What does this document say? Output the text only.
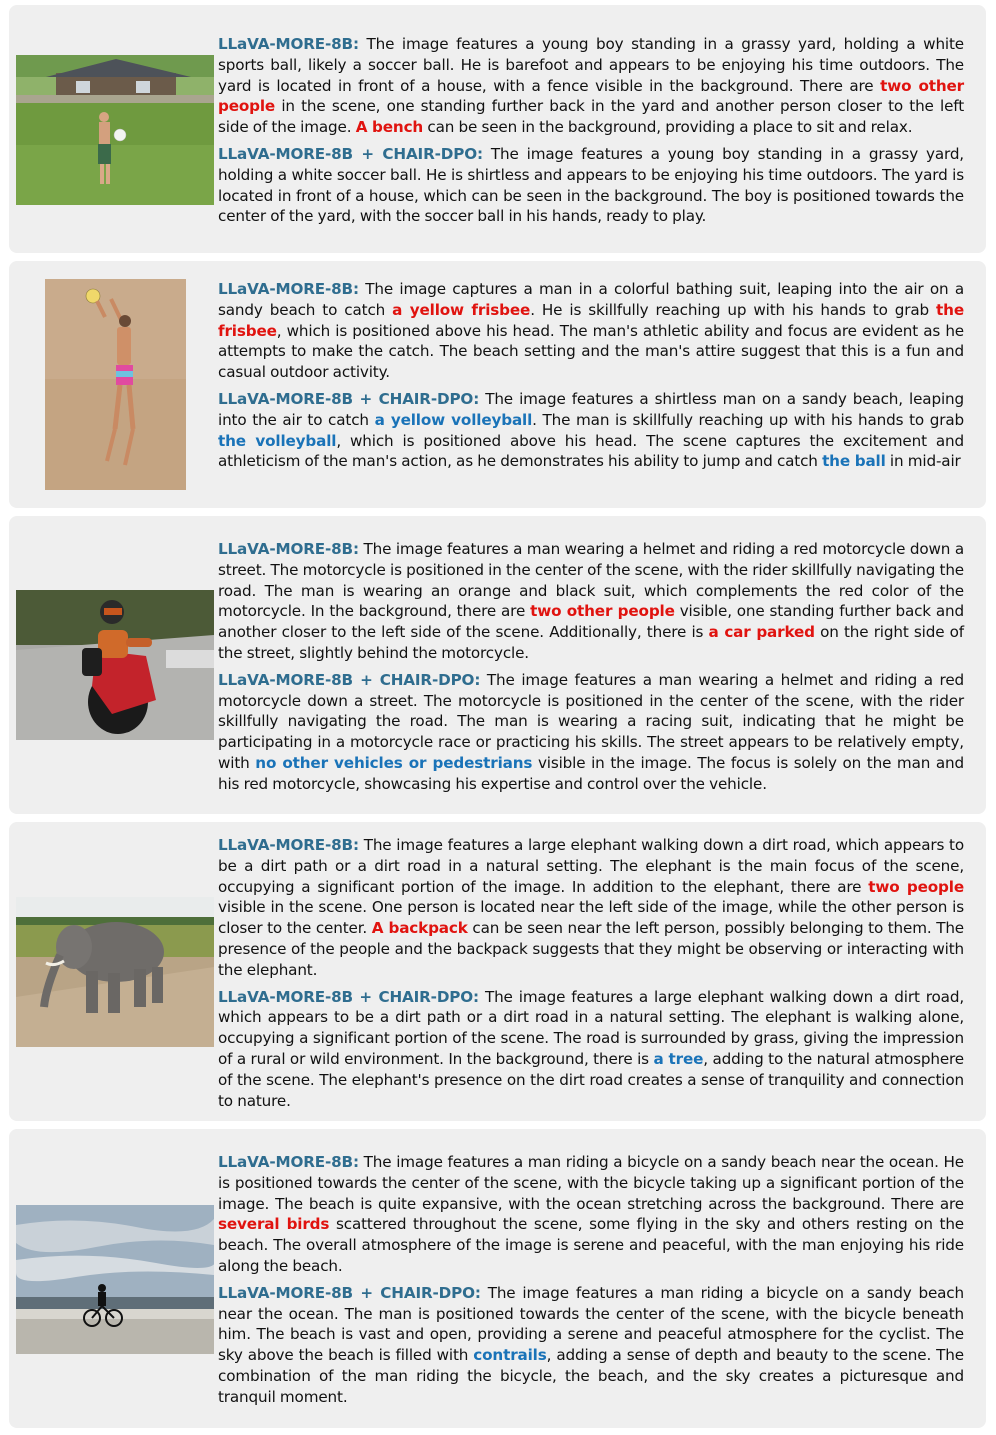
LLaVA-MORE-8B: The image features a young boy standing in a grassy yard, holding a white sports ball, likely a soccer ball. He is barefoot and appears to be enjoying his time outdoors. The yard is located in front of a house, with a fence visible in the background. There are two other people in the scene, one standing further back in the yard and another person closer to the left side of the image. A bench can be seen in the background, providing a place to sit and relax.

LLaVA-MORE-8B + CHAIR-DPO: The image features a young boy standing in a grassy yard, holding a white soccer ball. He is shirtless and appears to be enjoying his time outdoors. The yard is located in front of a house, which can be seen in the background. The boy is positioned towards the center of the yard, with the soccer ball in his hands, ready to play.

LLaVA-MORE-8B: The image captures a man in a colorful bathing suit, leaping into the air on a sandy beach to catch a yellow frisbee. He is skillfully reaching up with his hands to grab the frisbee, which is positioned above his head. The man's athletic ability and focus are evident as he attempts to make the catch. The beach setting and the man's attire suggest that this is a fun and casual outdoor activity.

LLaVA-MORE-8B + CHAIR-DPO: The image features a shirtless man on a sandy beach, leaping into the air to catch a yellow volleyball. The man is skillfully reaching up with his hands to grab the volleyball, which is positioned above his head. The scene captures the excitement and athleticism of the man's action, as he demonstrates his ability to jump and catch the ball in mid-air

LLaVA-MORE-8B: The image features a man wearing a helmet and riding a red motorcycle down a street. The motorcycle is positioned in the center of the scene, with the rider skillfully navigating the road. The man is wearing an orange and black suit, which complements the red color of the motorcycle. In the background, there are two other people visible, one standing further back and another closer to the left side of the scene. Additionally, there is a car parked on the right side of the street, slightly behind the motorcycle.

LLaVA-MORE-8B + CHAIR-DPO: The image features a man wearing a helmet and riding a red motorcycle down a street. The motorcycle is positioned in the center of the scene, with the rider skillfully navigating the road. The man is wearing a racing suit, indicating that he might be participating in a motorcycle race or practicing his skills. The street appears to be relatively empty, with no other vehicles or pedestrians visible in the image. The focus is solely on the man and his red motorcycle, showcasing his expertise and control over the vehicle.

LLaVA-MORE-8B: The image features a large elephant walking down a dirt road, which appears to be a dirt path or a dirt road in a natural setting. The elephant is the main focus of the scene, occupying a significant portion of the image. In addition to the elephant, there are two people visible in the scene. One person is located near the left side of the image, while the other person is closer to the center. A backpack can be seen near the left person, possibly belonging to them. The presence of the people and the backpack suggests that they might be observing or interacting with the elephant.

LLaVA-MORE-8B + CHAIR-DPO: The image features a large elephant walking down a dirt road, which appears to be a dirt path or a dirt road in a natural setting. The elephant is walking alone, occupying a significant portion of the scene. The road is surrounded by grass, giving the impression of a rural or wild environment. In the background, there is a tree, adding to the natural atmosphere of the scene. The elephant's presence on the dirt road creates a sense of tranquility and connection to nature.

LLaVA-MORE-8B: The image features a man riding a bicycle on a sandy beach near the ocean. He is positioned towards the center of the scene, with the bicycle taking up a significant portion of the image. The beach is quite expansive, with the ocean stretching across the background. There are several birds scattered throughout the scene, some flying in the sky and others resting on the beach. The overall atmosphere of the image is serene and peaceful, with the man enjoying his ride along the beach.

LLaVA-MORE-8B + CHAIR-DPO: The image features a man riding a bicycle on a sandy beach near the ocean. The man is positioned towards the center of the scene, with the bicycle beneath him. The beach is vast and open, providing a serene and peaceful atmosphere for the cyclist. The sky above the beach is filled with contrails, adding a sense of depth and beauty to the scene. The combination of the man riding the bicycle, the beach, and the sky creates a picturesque and tranquil moment.
